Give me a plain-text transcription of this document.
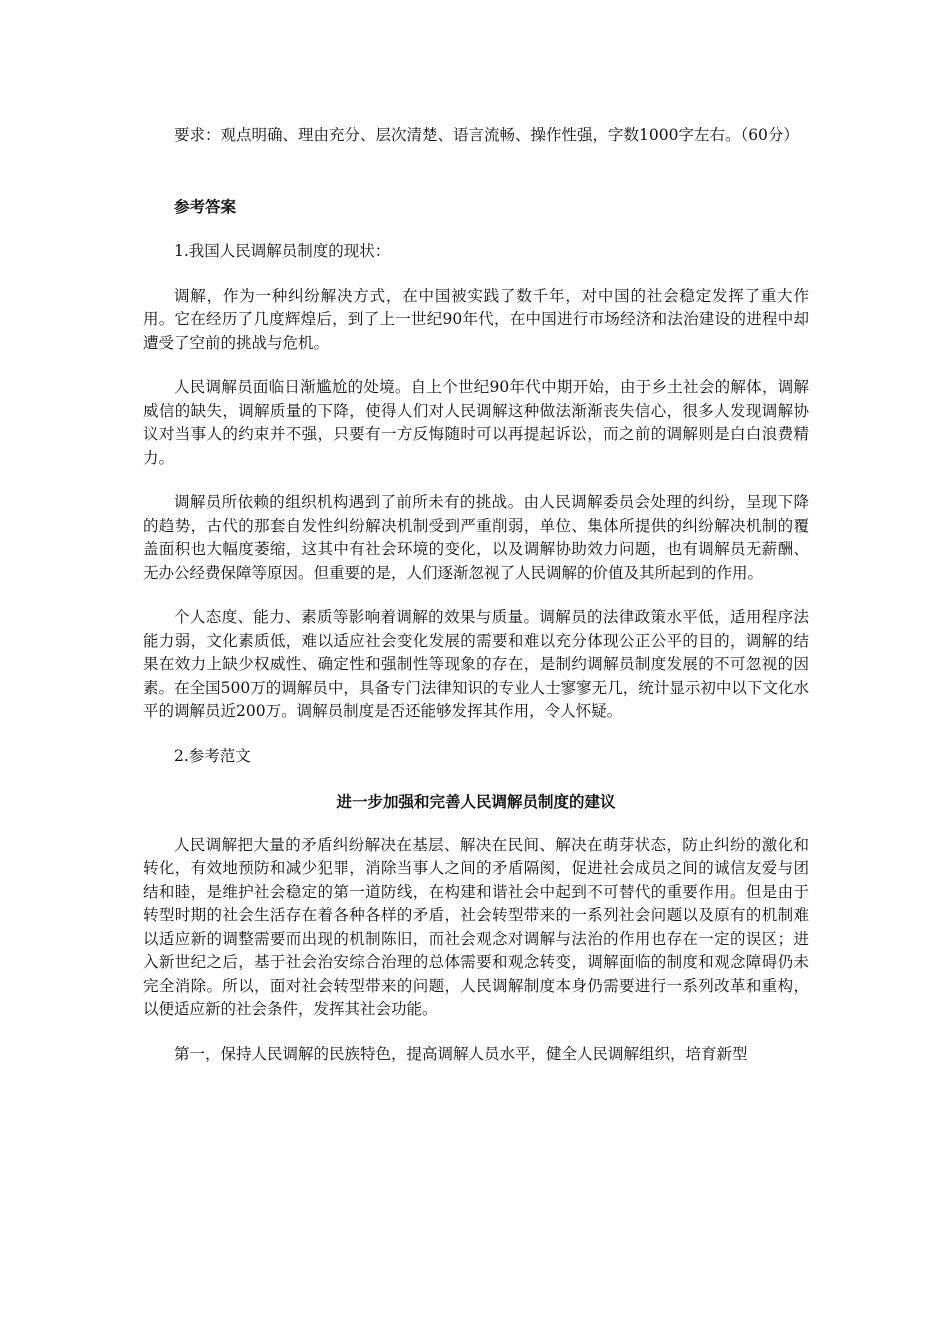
要求：观点明确、理由充分、层次清楚、语言流畅、操作性强，字数1000字左右。（60分）

参考答案

1.我国人民调解员制度的现状：

调解，作为一种纠纷解决方式，在中国被实践了数千年，对中国的社会稳定发挥了重大作用。它在经历了几度辉煌后，到了上一世纪90年代，在中国进行市场经济和法治建设的进程中却遭受了空前的挑战与危机。

人民调解员面临日渐尴尬的处境。自上个世纪90年代中期开始，由于乡土社会的解体，调解威信的缺失，调解质量的下降，使得人们对人民调解这种做法渐渐丧失信心，很多人发现调解协议对当事人的约束并不强，只要有一方反悔随时可以再提起诉讼，而之前的调解则是白白浪费精力。

调解员所依赖的组织机构遇到了前所未有的挑战。由人民调解委员会处理的纠纷，呈现下降的趋势，古代的那套自发性纠纷解决机制受到严重削弱，单位、集体所提供的纠纷解决机制的覆盖面积也大幅度萎缩，这其中有社会环境的变化，以及调解协助效力问题，也有调解员无薪酬、无办公经费保障等原因。但重要的是，人们逐渐忽视了人民调解的价值及其所起到的作用。

个人态度、能力、素质等影响着调解的效果与质量。调解员的法律政策水平低，适用程序法能力弱，文化素质低，难以适应社会变化发展的需要和难以充分体现公正公平的目的，调解的结果在效力上缺少权威性、确定性和强制性等现象的存在，是制约调解员制度发展的不可忽视的因素。在全国500万的调解员中，具备专门法律知识的专业人士寥寥无几，统计显示初中以下文化水平的调解员近200万。调解员制度是否还能够发挥其作用，令人怀疑。

2.参考范文

进一步加强和完善人民调解员制度的建议

人民调解把大量的矛盾纠纷解决在基层、解决在民间、解决在萌芽状态，防止纠纷的激化和转化，有效地预防和减少犯罪，消除当事人之间的矛盾隔阂，促进社会成员之间的诚信友爱与团结和睦，是维护社会稳定的第一道防线，在构建和谐社会中起到不可替代的重要作用。但是由于转型时期的社会生活存在着各种各样的矛盾，社会转型带来的一系列社会问题以及原有的机制难以适应新的调整需要而出现的机制陈旧，而社会观念对调解与法治的作用也存在一定的误区；进入新世纪之后，基于社会治安综合治理的总体需要和观念转变，调解面临的制度和观念障碍仍未完全消除。所以，面对社会转型带来的问题，人民调解制度本身仍需要进行一系列改革和重构，以便适应新的社会条件，发挥其社会功能。

第一，保持人民调解的民族特色，提高调解人员水平，健全人民调解组织，培育新型
